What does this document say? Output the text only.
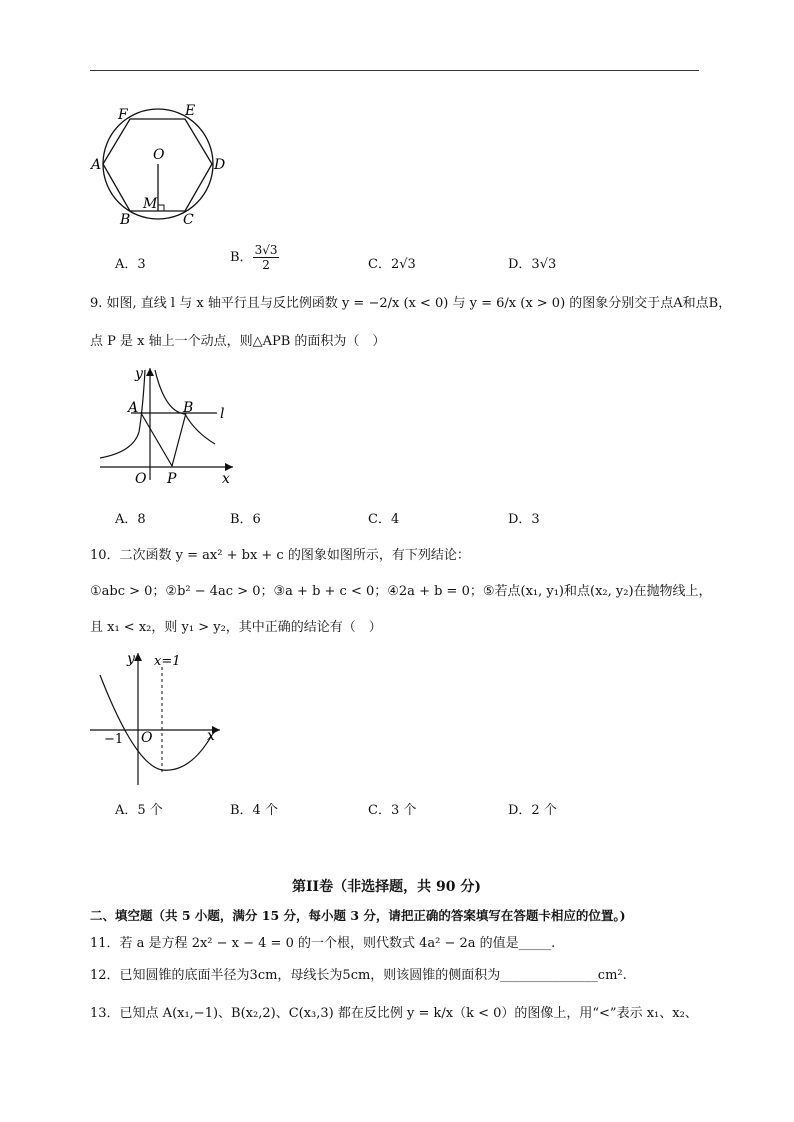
F	E
A	D
O
M
B	C
A．3	B． $\frac{3√3}{2}$	C．2√3	D．3√3
9. 如图, 直线 l 与 x 轴平行且与反比例函数 y = −2/x (x < 0) 与 y = 6/x (x > 0) 的图象分别交于点A和点B，
点 P 是 x 轴上一个动点，则△APB 的面积为（　）
y
A	B l
O P	x
A．8	B．6	C．4	D．3
10．二次函数 y = ax² + bx + c 的图象如图所示，有下列结论：
①abc > 0；②b² − 4ac > 0；③a + b + c < 0；④2a + b = 0；⑤若点(x₁, y₁)和点(x₂, y₂)在抛物线上，
且 x₁ < x₂，则 y₁ > y₂，其中正确的结论有（　）
y x=1
−1 O	x
A．5 个	B．4 个	C．3 个	D．2 个
第II卷（非选择题，共 90 分)
二、填空题（共 5 小题，满分 15 分，每小题 3 分，请把正确的答案填写在答题卡相应的位置。)
11．若 a 是方程 2x² − x − 4 = 0 的一个根，则代数式 4a² − 2a 的值是_____.
12．已知圆锥的底面半径为3cm，母线长为5cm，则该圆锥的侧面积为_______________cm².
13．已知点 A(x₁,−1)、B(x₂,2)、C(x₃,3) 都在反比例 y = k/x（k < 0）的图像上，用“<”表示 x₁、x₂、
